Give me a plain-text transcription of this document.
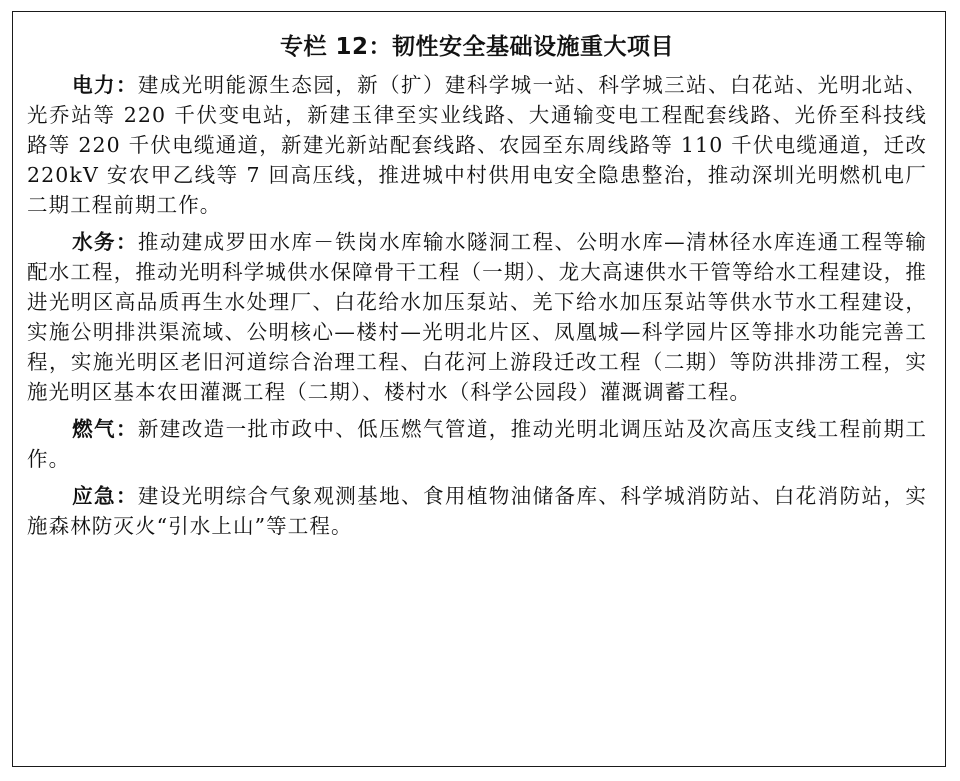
专栏 12：韧性安全基础设施重大项目

电力：建成光明能源生态园，新（扩）建科学城一站、科学城三站、白花站、光明北站、光乔站等 220 千伏变电站，新建玉律至实业线路、大通输变电工程配套线路、光侨至科技线路等 220 千伏电缆通道，新建光新站配套线路、农园至东周线路等 110 千伏电缆通道，迁改 220kV 安农甲乙线等 7 回高压线，推进城中村供用电安全隐患整治，推动深圳光明燃机电厂二期工程前期工作。

水务：推动建成罗田水库－铁岗水库输水隧洞工程、公明水库—清林径水库连通工程等输配水工程，推动光明科学城供水保障骨干工程（一期）、龙大高速供水干管等给水工程建设，推进光明区高品质再生水处理厂、白花给水加压泵站、羌下给水加压泵站等供水节水工程建设，实施公明排洪渠流域、公明核心—楼村—光明北片区、凤凰城—科学园片区等排水功能完善工程，实施光明区老旧河道综合治理工程、白花河上游段迁改工程（二期）等防洪排涝工程，实施光明区基本农田灌溉工程（二期）、楼村水（科学公园段）灌溉调蓄工程。

燃气：新建改造一批市政中、低压燃气管道，推动光明北调压站及次高压支线工程前期工作。

应急：建设光明综合气象观测基地、食用植物油储备库、科学城消防站、白花消防站，实施森林防灭火“引水上山”等工程。
